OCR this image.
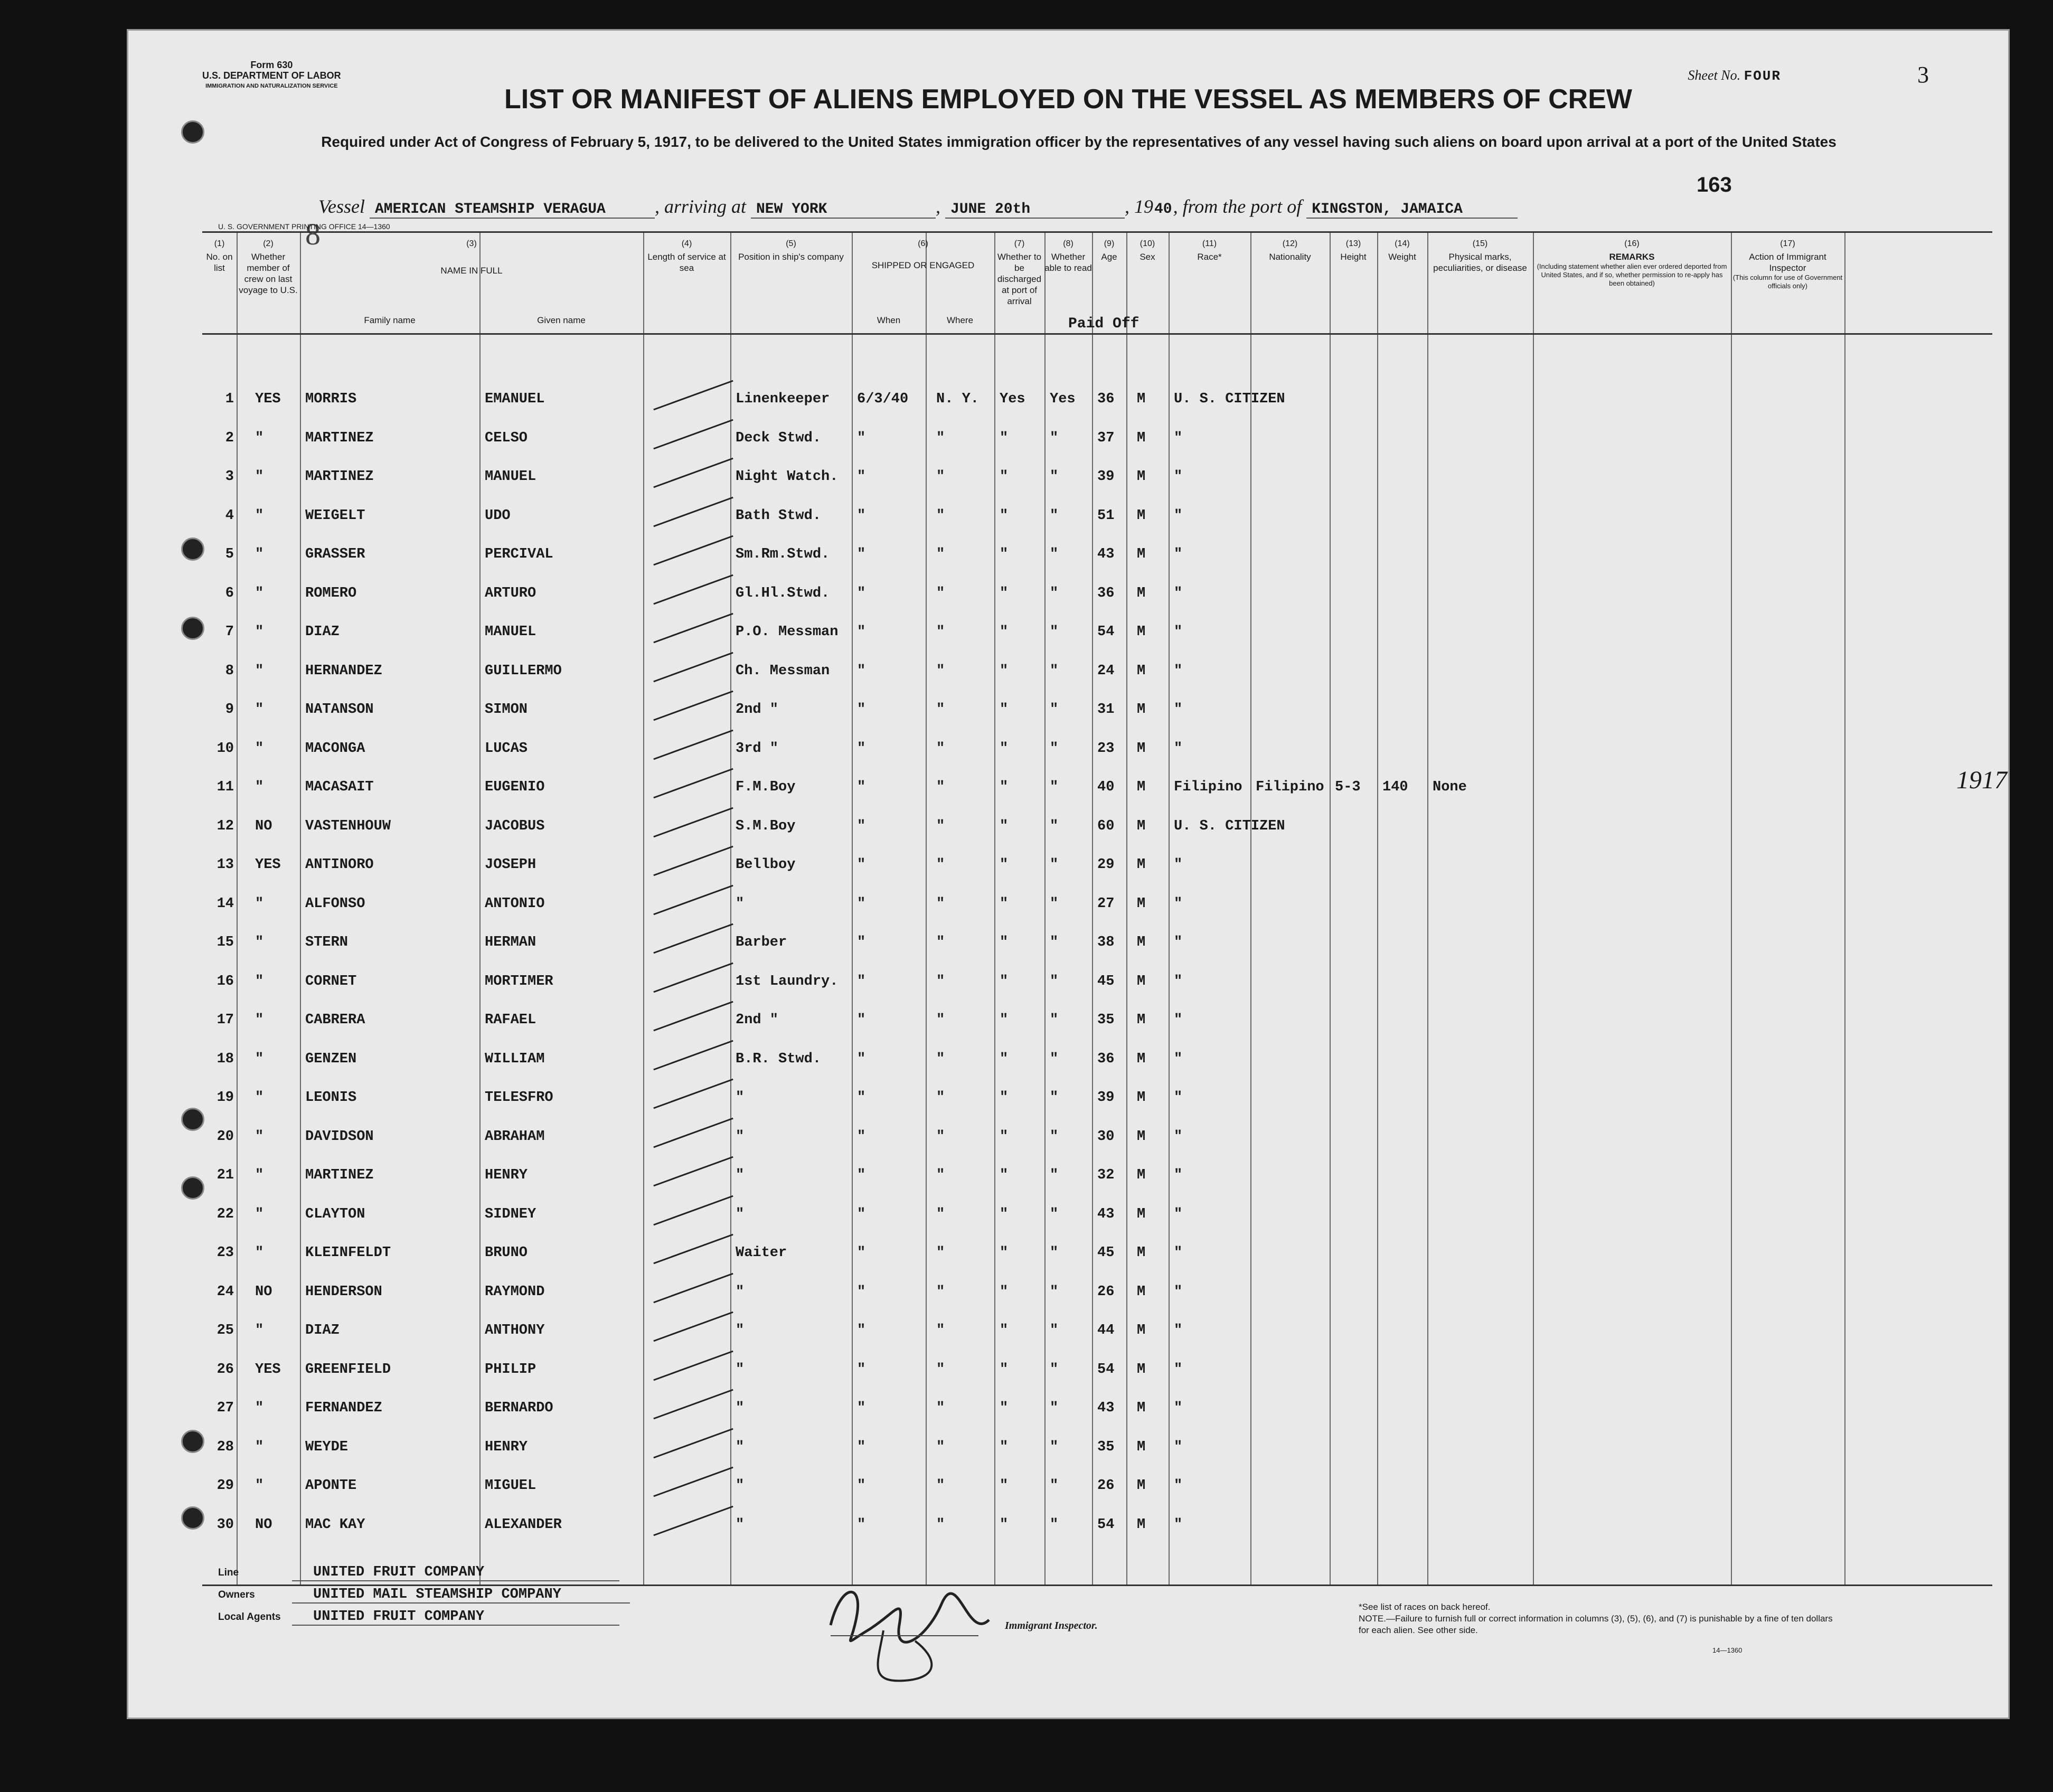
Form 630
U.S. DEPARTMENT OF LABOR
IMMIGRATION AND NATURALIZATION SERVICE
Sheet No. FOUR	3
LIST OR MANIFEST OF ALIENS EMPLOYED ON THE VESSEL AS MEMBERS OF CREW
Required under Act of Congress of February 5, 1917, to be delivered to the United States immigration officer by the representatives of any vessel having such aliens on board upon arrival at a port of the United States
163
8
Vessel AMERICAN STEAMSHIP VERAGUA	, arriving at NEW YORK	, JUNE 20th	, 1940, from the port of KINGSTON, JAMAICA
U. S. GOVERNMENT PRINTING OFFICE 14—1360
(1)
No. on list
(2)
Whether member of crew on last voyage to U.S.
(3)
NAME IN FULL
Family name	Given name
(5)
Position in ship's company
(4)
Length of service at sea
(6)
SHIPPED OR ENGAGED
When	Where
(7)
Whether to be discharged at port of arrival
(8)
Whether able to read
(9)
Age
(10)
Sex
(11)
Race*
(12)
Nationality
(13)
Height
(14)
Weight
(15)
Physical marks, peculiarities, or disease
(16)
REMARKS
(Including statement whether alien ever ordered deported from United States, and if so, whether permission to re-apply has been obtained)
(17)
Action of Immigrant Inspector
(This column for use of Government officials only)
Paid Off
1 YES MORRIS	EMANUEL	Linenkeeper 6/3/40 N. Y. Yes Yes 36 M U. S. CITIZEN
2 "	MARTINEZ	CELSO	Deck Stwd.	"	"	"	"	37 M "
3 "	MARTINEZ	MANUEL	Night Watch. "	"	"	"	39 M "
4 "	WEIGELT	UDO	Bath Stwd.	"	"	"	"	51 M "
5 "	GRASSER	PERCIVAL	Sm.Rm.Stwd. "	"	"	"	43 M "
6 "	ROMERO	ARTURO	Gl.Hl.Stwd. "	"	"	"	36 M "
7 "	DIAZ	MANUEL	P.O. Messman "	"	"	"	54 M "
8 "	HERNANDEZ	GUILLERMO	Ch. Messman "	"	"	"	24 M "
9 "	NATANSON	SIMON	2nd "	"	"	"	"	31 M "
10 "	MACONGA	LUCAS	3rd "	"	"	"	"	23 M "
11 "	MACASAIT	EUGENIO	F.M.Boy	"	"	"	"	40 M Filipino Filipino 5-3 140 None
12 NO VASTENHOUW	JACOBUS	S.M.Boy	"	"	"	"	60 M U. S. CITIZEN
13 YES ANTINORO	JOSEPH	Bellboy	"	"	"	"	29 M "
14 "	ALFONSO	ANTONIO	"	"	"	"	"	27 M "
15 "	STERN	HERMAN	Barber	"	"	"	"	38 M "
16 "	CORNET	MORTIMER	1st Laundry. "	"	"	"	45 M "
17 "	CABRERA	RAFAEL	2nd "	"	"	"	"	35 M "
18 "	GENZEN	WILLIAM	B.R. Stwd.	"	"	"	"	36 M "
19 "	LEONIS	TELESFRO	"	"	"	"	"	39 M "
20 "	DAVIDSON	ABRAHAM	"	"	"	"	"	30 M "
21 "	MARTINEZ	HENRY	"	"	"	"	"	32 M "
22 "	CLAYTON	SIDNEY	"	"	"	"	"	43 M "
23 "	KLEINFELDT	BRUNO	Waiter	"	"	"	"	45 M "
24 NO HENDERSON	RAYMOND	"	"	"	"	"	26 M "
25 "	DIAZ	ANTHONY	"	"	"	"	"	44 M "
26 YES GREENFIELD	PHILIP	"	"	"	"	"	54 M "
27 "	FERNANDEZ	BERNARDO	"	"	"	"	"	43 M "
28 "	WEYDE	HENRY	"	"	"	"	"	35 M "
29 "	APONTE	MIGUEL	"	"	"	"	"	26 M "
30 NO MAC KAY	ALEXANDER	"	"	"	"	"	54 M "
1917
Line	UNITED FRUIT COMPANY
Owners	UNITED MAIL STEAMSHIP COMPANY
Local Agents UNITED FRUIT COMPANY
Immigrant Inspector.
*See list of races on back hereof.
NOTE.—Failure to furnish full or correct information in columns (3), (5), (6), and (7) is punishable by a fine of ten dollars for each alien. See other side.
14—1360
